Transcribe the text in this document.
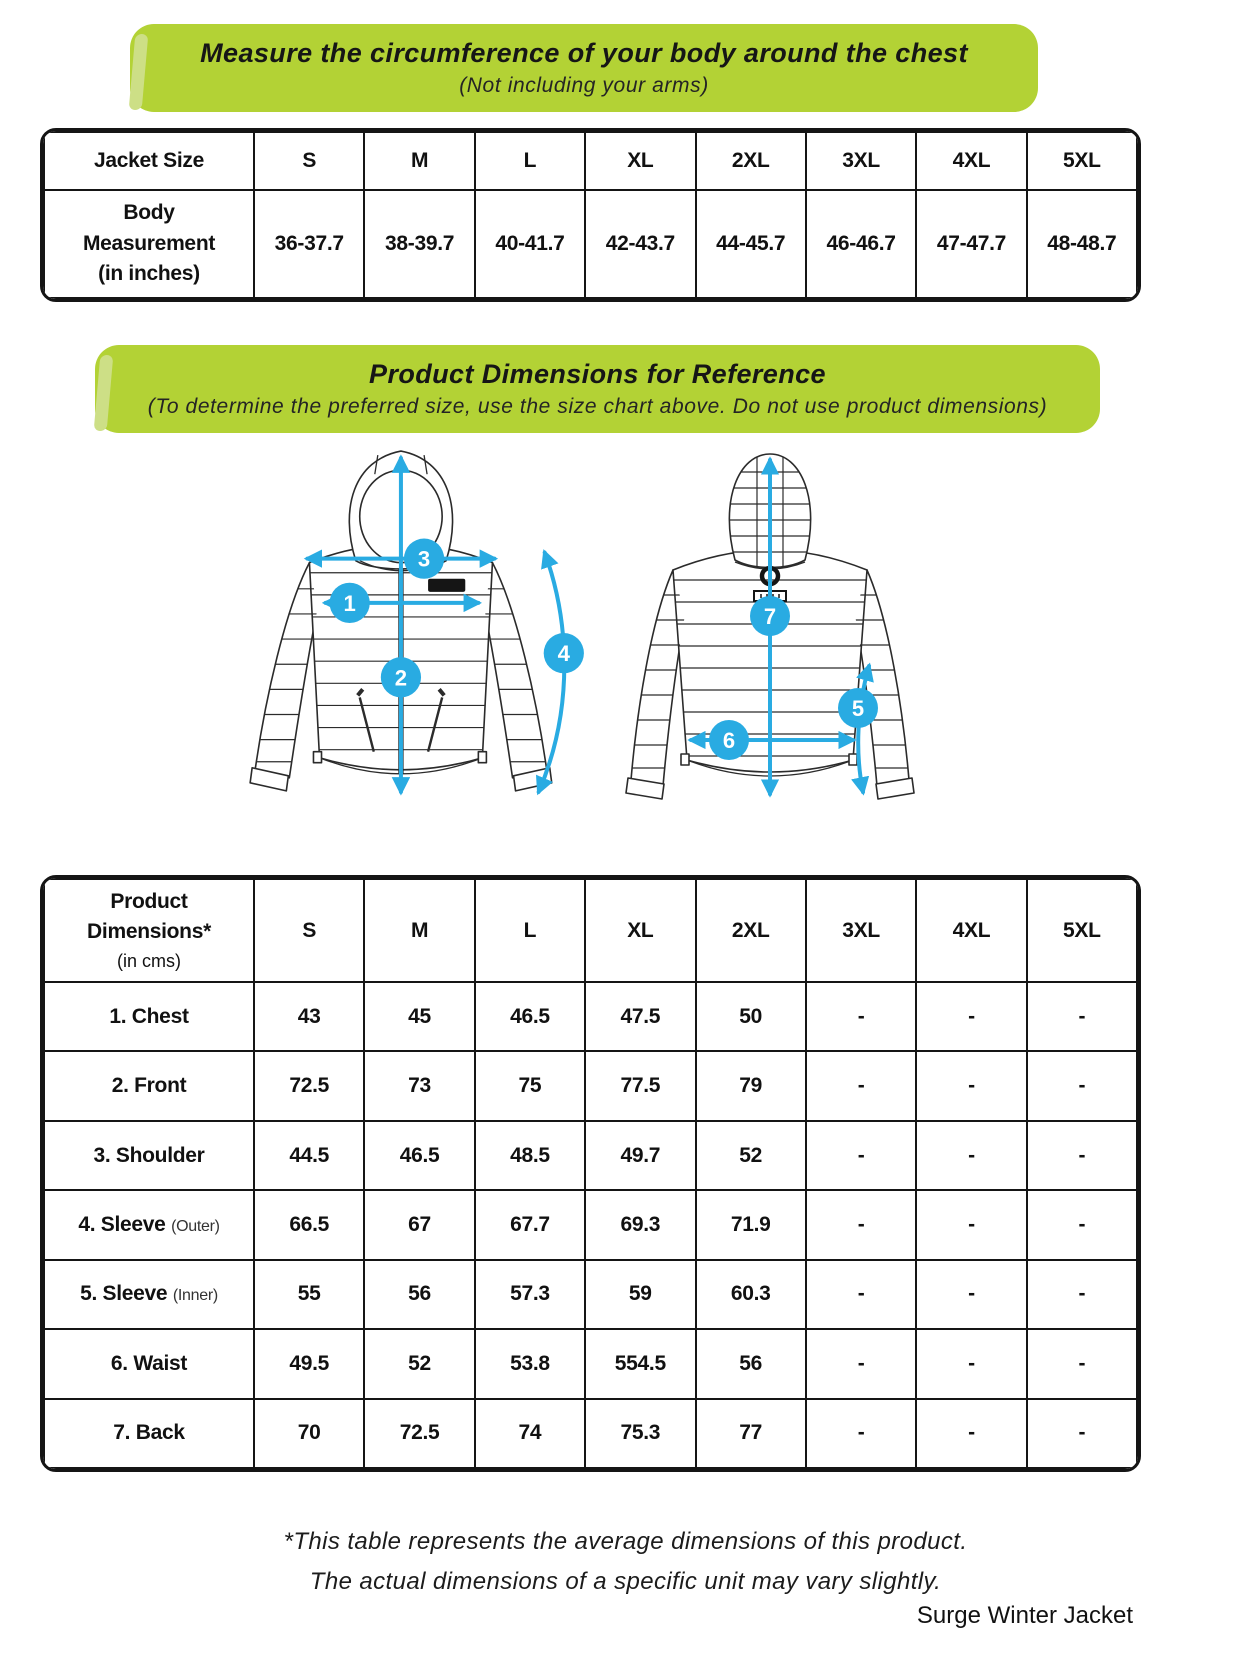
Measure the circumference of your body around the chest
(Not including your arms)
Jacket Size	S	M	L	XL	2XL	3XL	4XL	5XL

Body
Measurement
(in inches)	36-37.7	38-39.7	40-41.7	42-43.7	44-45.7	46-46.7	47-47.7	48-48.7
Product Dimensions for Reference
(To determine the preferred size, use the size chart above. Do not use product dimensions)
1
2
3
4
5
6
7
Product Dimensions*
(in cms)	S	M	L	XL	2XL	3XL	4XL	5XL
1. Chest	43	45	46.5	47.5	50	-	-	-
2. Front	72.5	73	75	77.5	79	-	-	-
3. Shoulder	44.5	46.5	48.5	49.7	52	-	-	-
4. Sleeve (Outer)	66.5	67	67.7	69.3	71.9	-	-	-
5. Sleeve (Inner)	55	56	57.3	59	60.3	-	-	-
6. Waist	49.5	52	53.8	554.5	56	-	-	-
7. Back	70	72.5	74	75.3	77	-	-	-
*This table represents the average dimensions of this product.
The actual dimensions of a specific unit may vary slightly.
Surge Winter Jacket
